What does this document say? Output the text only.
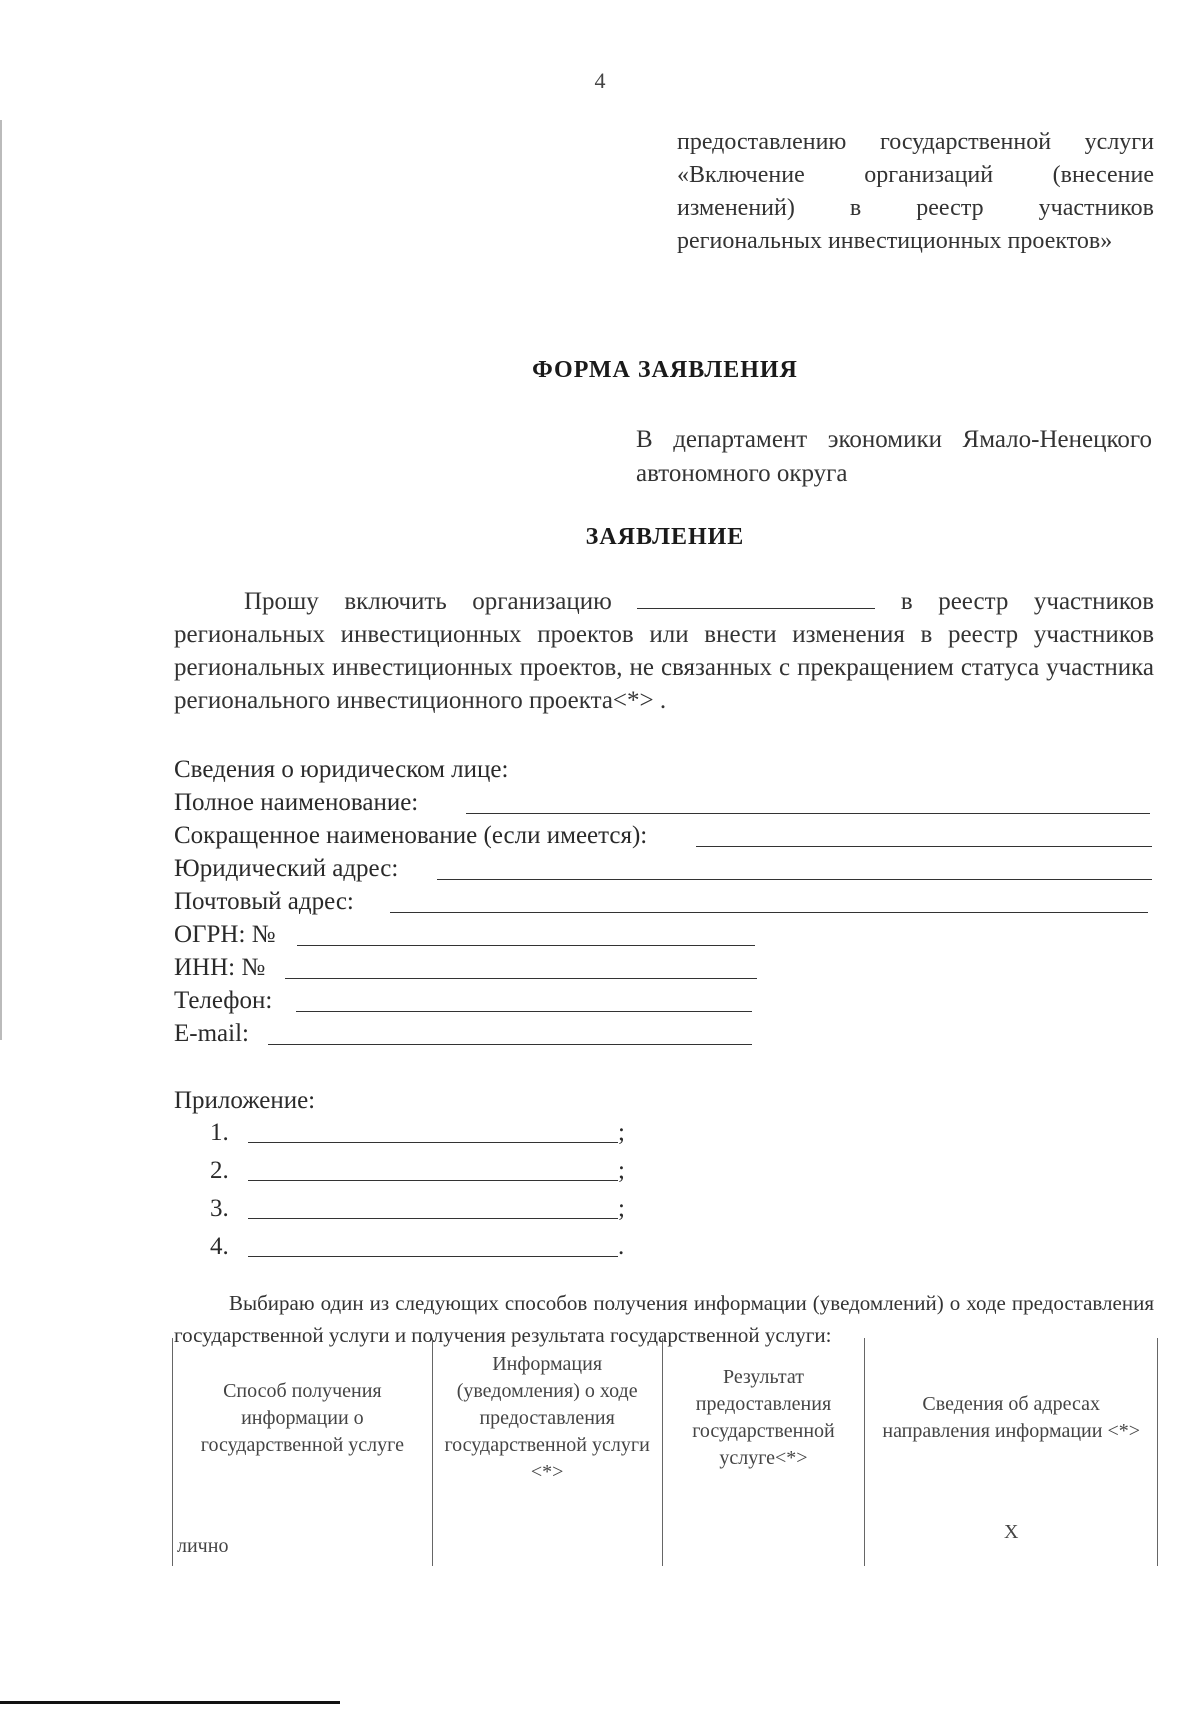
4
предоставлению государственной услуги «Включение организаций (внесение изменений) в реестр участников региональных инвестиционных проектов»
ФОРМА ЗАЯВЛЕНИЯ
В департамент экономики Ямало-Ненецкого автономного округа
ЗАЯВЛЕНИЕ
Прошу включить организацию	в реестр участников региональных инвестиционных проектов или внести изменения в реестр участников региональных инвестиционных проектов, не связанных с прекращением статуса участника регионального инвестиционного проекта<*> .
Сведения о юридическом лице:
Полное наименование:
Сокращенное наименование (если имеется):
Юридический адрес:
Почтовый адрес:
ОГРН: №
ИНН: №
Телефон:
E-mail:
Приложение:
1.	;
2.	;
3.	;
4.	.
Выбираю один из следующих способов получения информации (уведомлений) о ходе предоставления государственной услуги и получения результата государственной услуги:
Способ получения информации о государственной услуге	Информация (уведомления) о ходе предоставления государственной услуги <*>	Результат предоставления государственной услуге<*>	Сведения об адресах направления информации <*>
лично			X
